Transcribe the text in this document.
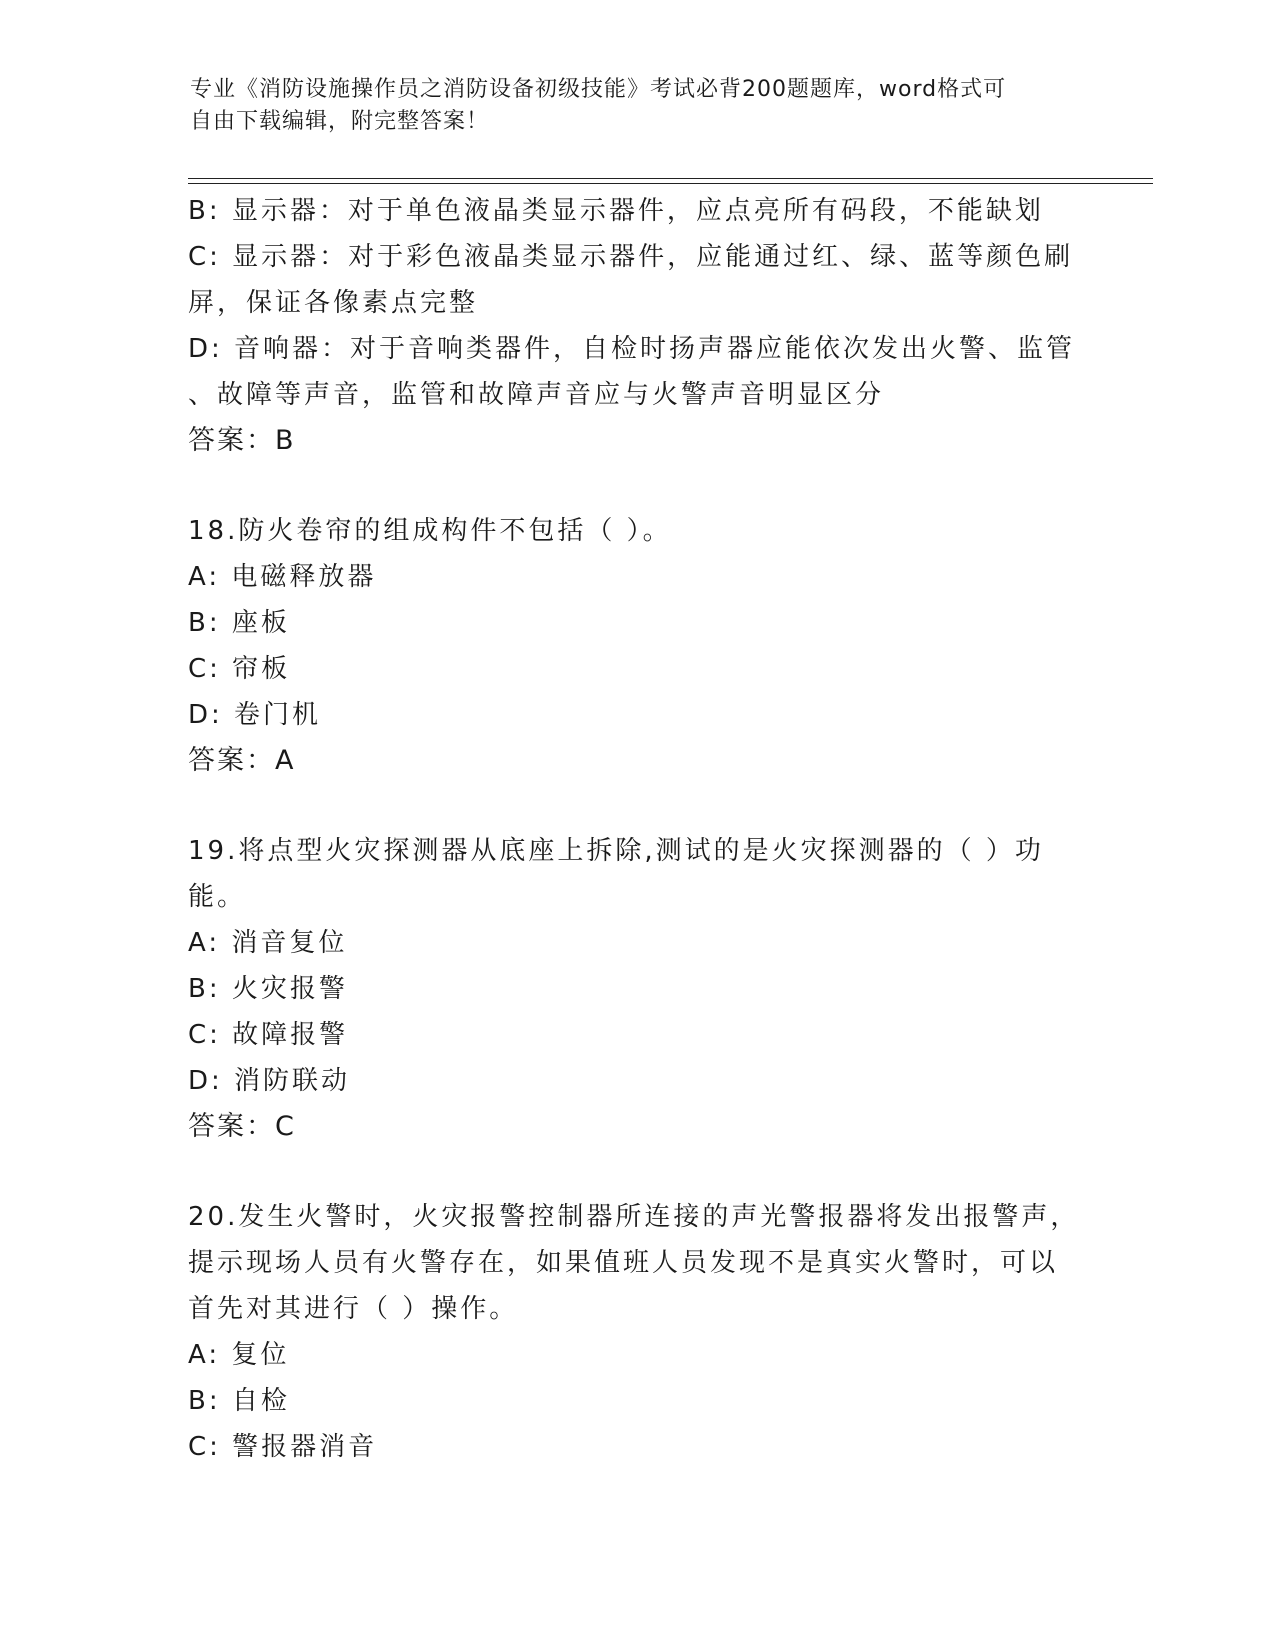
专业《消防设施操作员之消防设备初级技能》考试必背200题题库，word格式可
自由下载编辑，附完整答案！
B: 显示器：对于单色液晶类显示器件，应点亮所有码段，不能缺划
C: 显示器：对于彩色液晶类显示器件，应能通过红、绿、蓝等颜色刷
屏，保证各像素点完整
D: 音响器：对于音响类器件，自检时扬声器应能依次发出火警、监管
、故障等声音，监管和故障声音应与火警声音明显区分
答案：B
18.防火卷帘的组成构件不包括（ ）。
A: 电磁释放器
B: 座板
C: 帘板
D: 卷门机
答案：A
19.将点型火灾探测器从底座上拆除,测试的是火灾探测器的（ ）功
能。
A: 消音复位
B: 火灾报警
C: 故障报警
D: 消防联动
答案：C
20.发生火警时，火灾报警控制器所连接的声光警报器将发出报警声，
提示现场人员有火警存在，如果值班人员发现不是真实火警时，可以
首先对其进行（ ）操作。
A: 复位
B: 自检
C: 警报器消音
